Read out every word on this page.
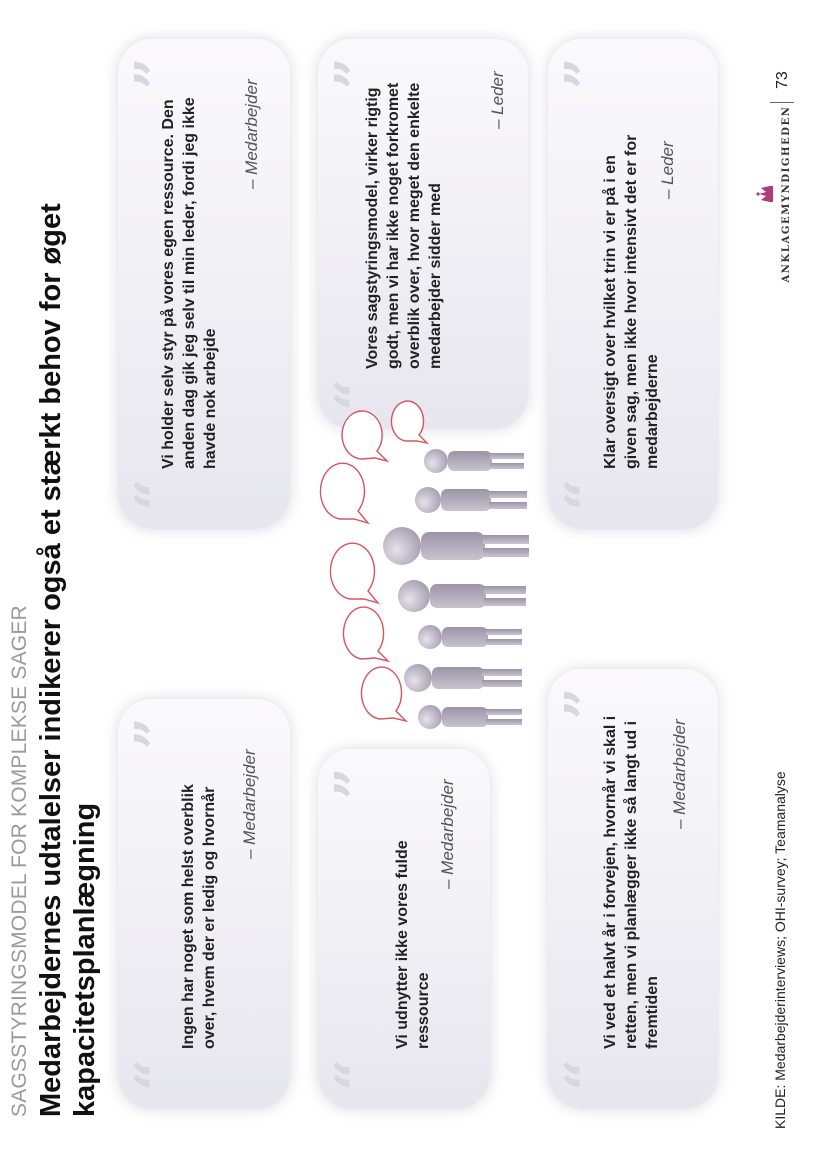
SAGSSTYRINGSMODEL FOR KOMPLEKSE SAGER Medarbejdernes udtalelser indikerer også et stærkt behov for øget kapacitetsplanlægning “
”
Ingen har noget som helst overblik over, hvem der er ledig og hvornår – Medarbejder
“
”
Vi holder selv styr på vores egen ressource. Den anden dag gik jeg selv til min leder, fordi jeg ikke havde nok arbejde
– Medarbejder
“
”
Vi udnytter ikke vores fulde ressource
– Medarbejder
“
”
Vores sagstyringsmodel, virker rigtig godt, men vi har ikke noget forkromet overblik over, hvor meget den enkelte medarbejder sidder med
– Leder
“
”
Vi ved et halvt år i forvejen, hvornår vi skal i retten, men vi planlægger ikke så langt ud i fremtiden
– Medarbejder
“
”
Klar oversigt over hvilket trin vi er på i en given sag, men ikke hvor intensivt det er for medarbejderne
– Leder
KILDE: Medarbejderinterviews; OHI-survey; Teamanalyse
ANKLAGEMYNDIGHEDEN
73
